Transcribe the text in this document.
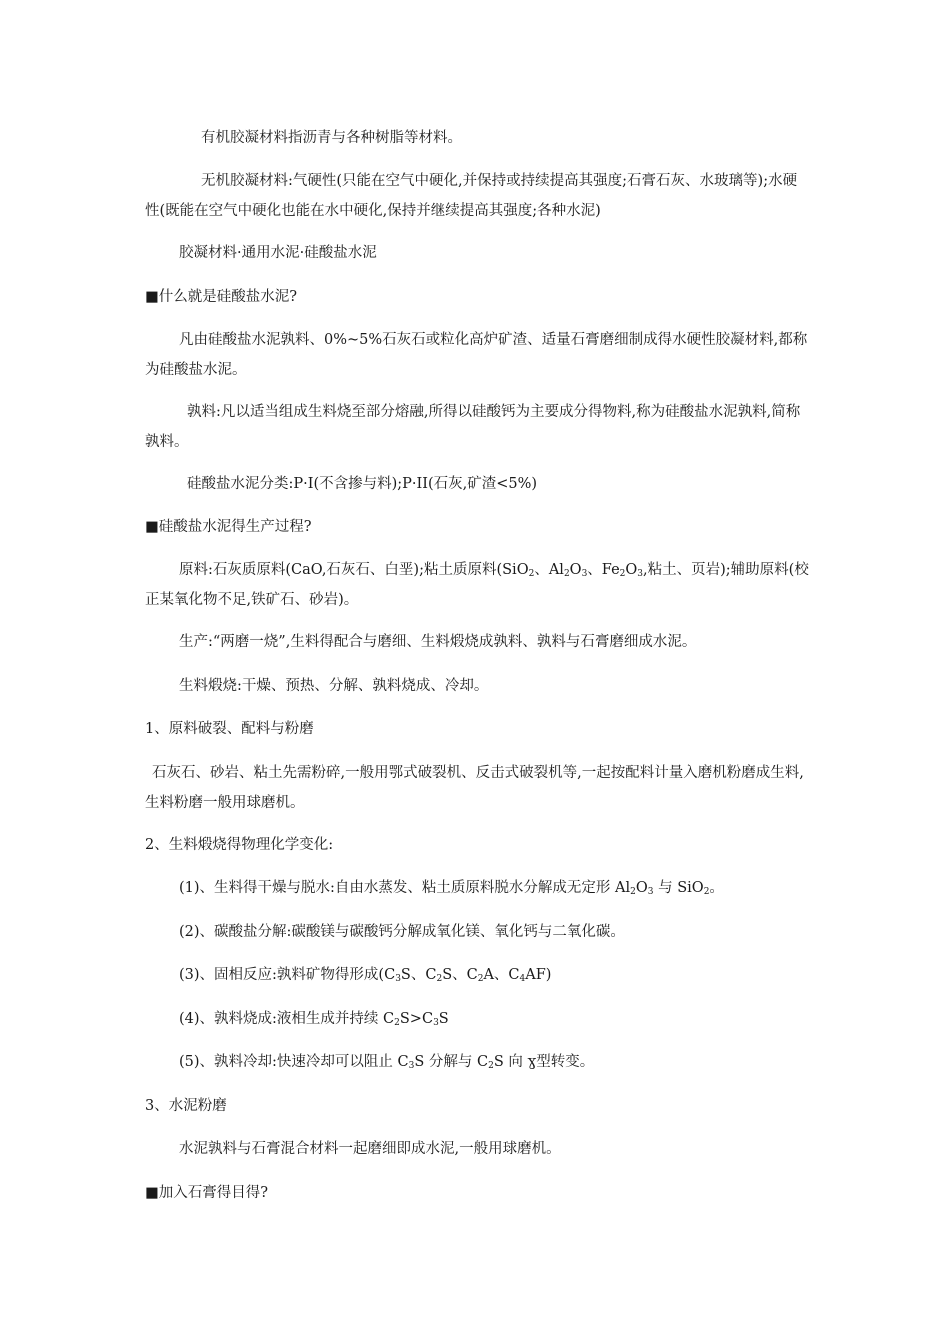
有机胶凝材料指沥青与各种树脂等材料。

无机胶凝材料:气硬性(只能在空气中硬化,并保持或持续提高其强度;石膏石灰、水玻璃等);水硬性(既能在空气中硬化也能在水中硬化,保持并继续提高其强度;各种水泥)

胶凝材料·通用水泥·硅酸盐水泥

■什么就是硅酸盐水泥?

凡由硅酸盐水泥孰料、0%~5%石灰石或粒化高炉矿渣、适量石膏磨细制成得水硬性胶凝材料,都称为硅酸盐水泥。

孰料:凡以适当组成生料烧至部分熔融,所得以硅酸钙为主要成分得物料,称为硅酸盐水泥孰料,简称孰料。

硅酸盐水泥分类:P·I(不含掺与料);P·II(石灰,矿渣<5%)

■硅酸盐水泥得生产过程?

原料:石灰质原料(CaO,石灰石、白垩);粘土质原料(SiO$_2$、$Al_2O_3$、$Fe_2O_3$,粘土、页岩);辅助原料(校正某氧化物不足,铁矿石、砂岩)。

生产:“两磨一烧”,生料得配合与磨细、生料煅烧成孰料、孰料与石膏磨细成水泥。

生料煅烧:干燥、预热、分解、孰料烧成、冷却。

1、原料破裂、配料与粉磨

石灰石、砂岩、粘土先需粉碎,一般用鄂式破裂机、反击式破裂机等,一起按配料计量入磨机粉磨成生料,生料粉磨一般用球磨机。

2、生料煅烧得物理化学变化:

(1)、生料得干燥与脱水:自由水蒸发、粘土质原料脱水分解成无定形 $Al_2O_3$ 与 SiO$_2$。

(2)、碳酸盐分解:碳酸镁与碳酸钙分解成氧化镁、氧化钙与二氧化碳。

(3)、固相反应:孰料矿物得形成($C_3S$、$C_2S$、$C_2A$、$C_4AF$)

(4)、孰料烧成:液相生成并持续 $C_2S>C_3S$

(5)、孰料冷却:快速冷却可以阻止 $C_3S$ 分解与 $C_2S$ 向 ɣ型转变。

3、水泥粉磨

水泥孰料与石膏混合材料一起磨细即成水泥,一般用球磨机。

■加入石膏得目得?
